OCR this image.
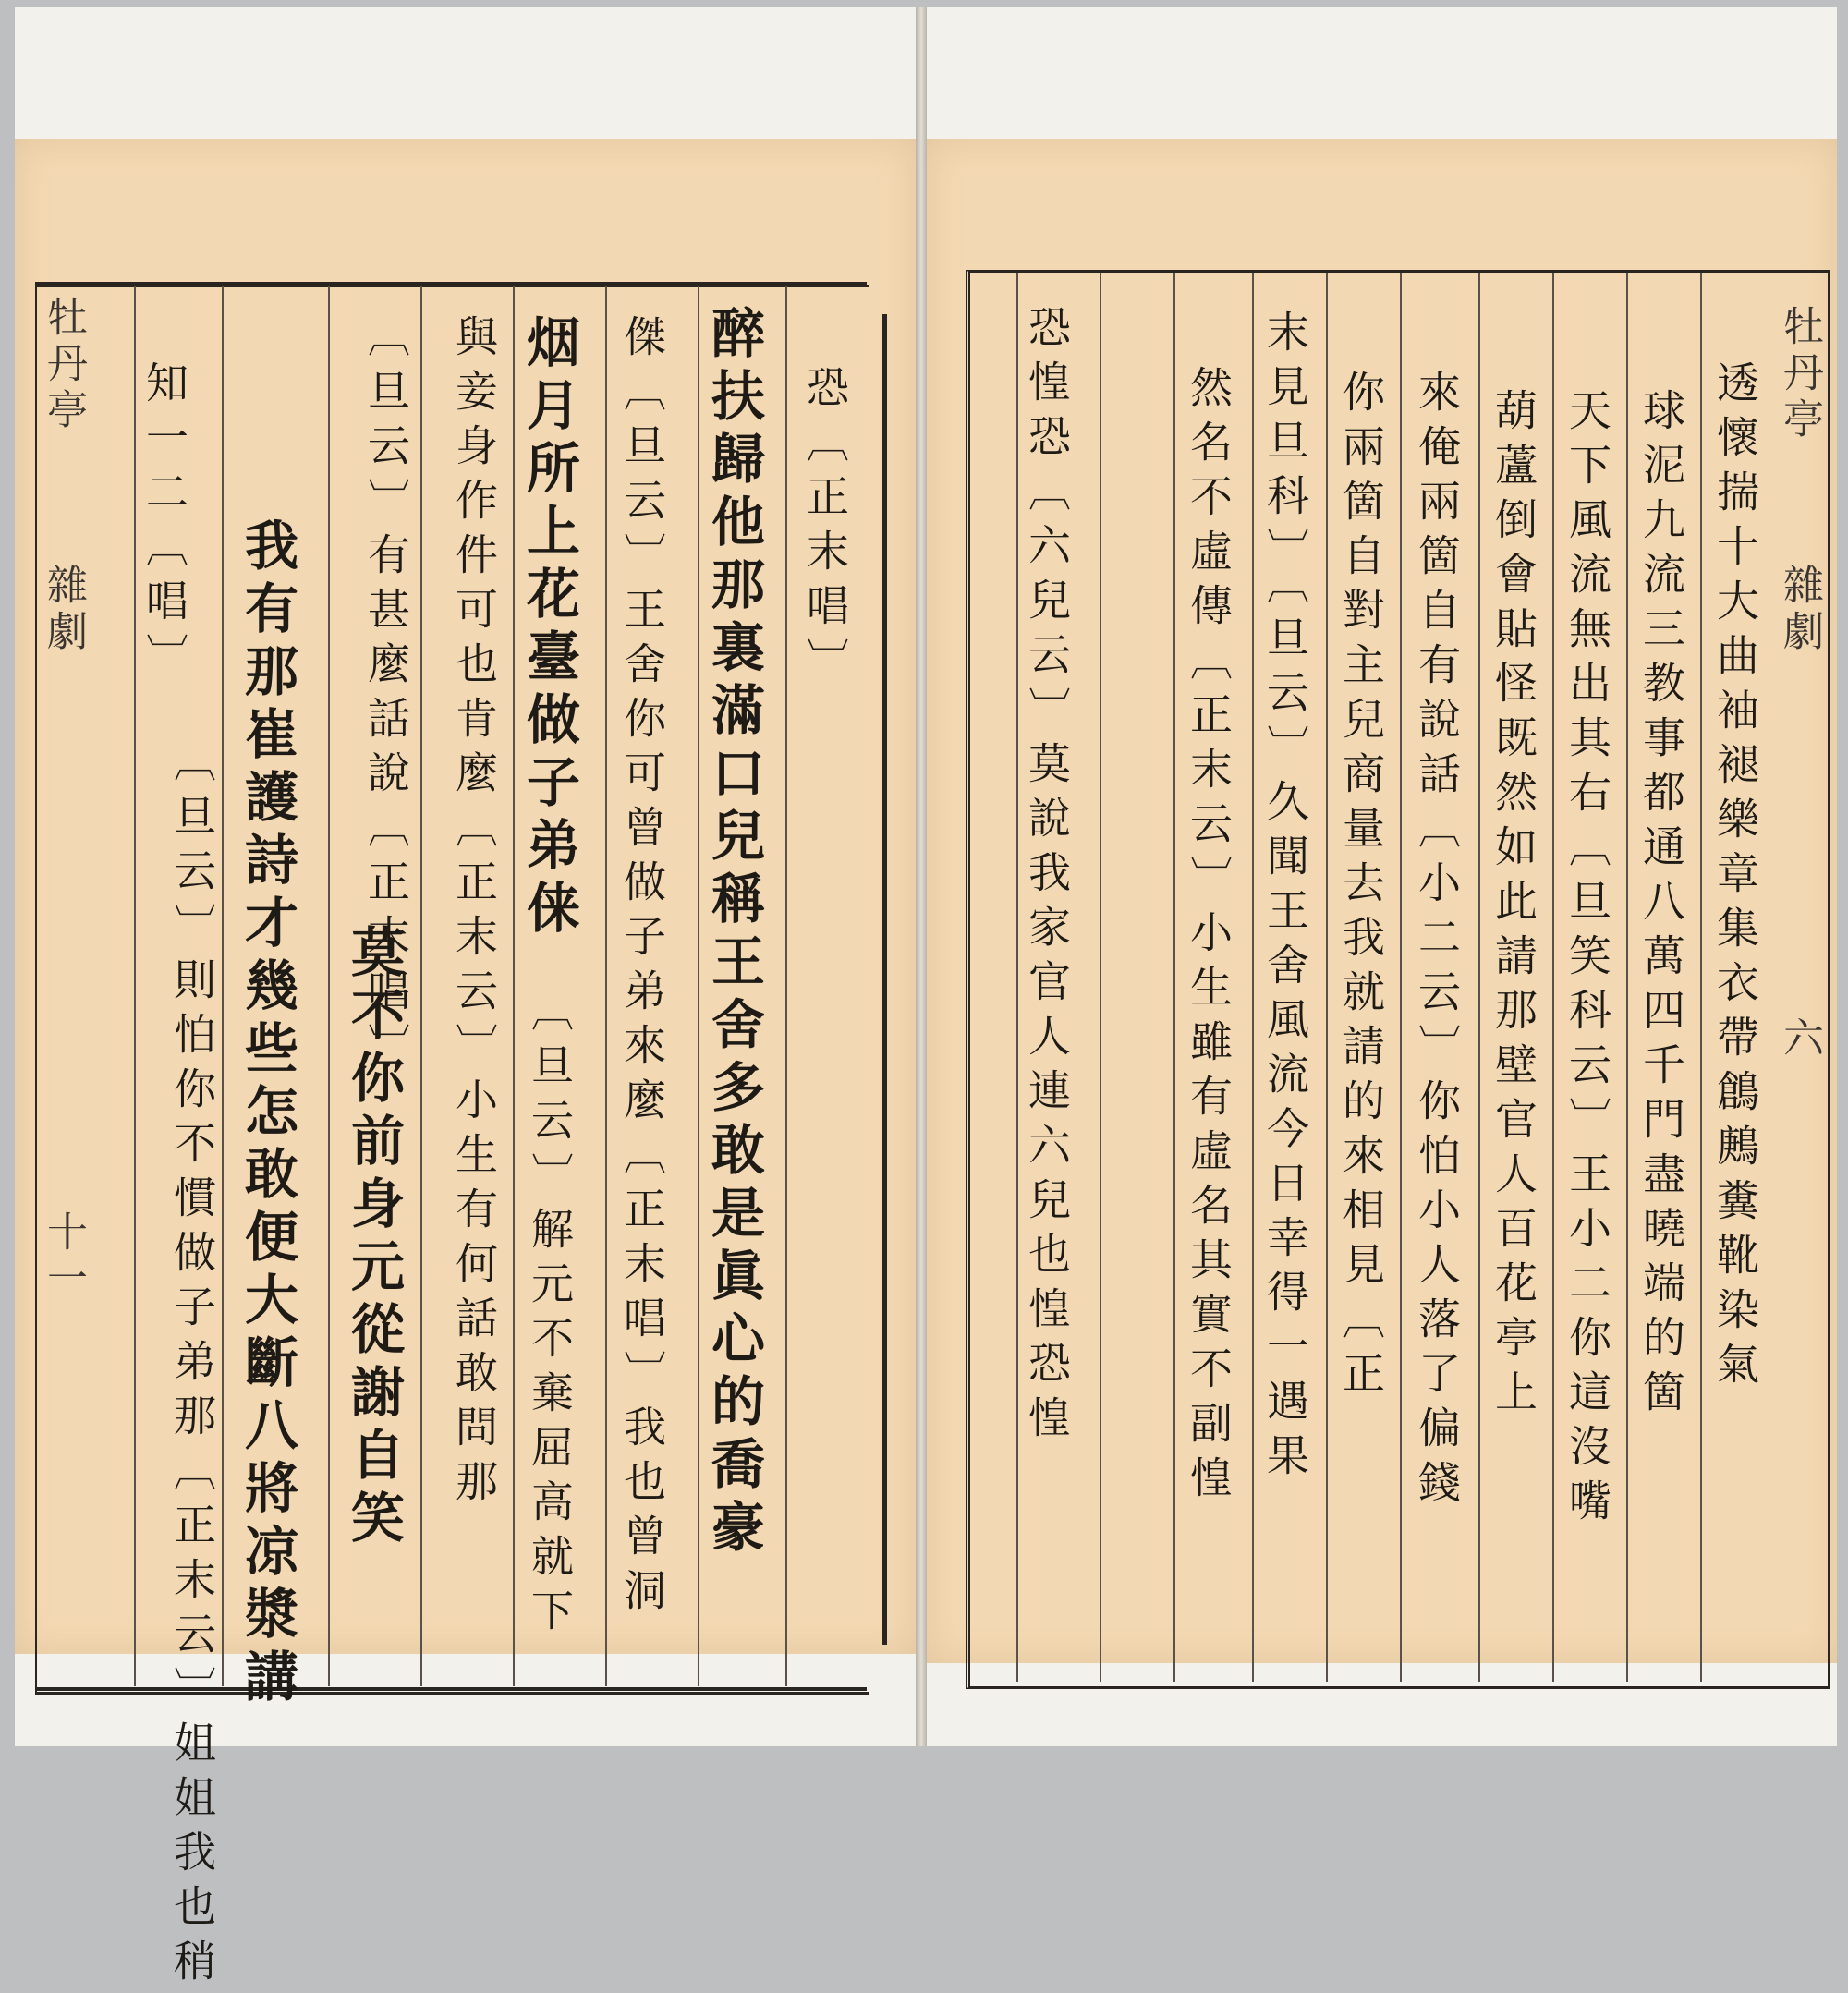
牡丹亭
雜劇
十一
恐〔正末唱〕
醉扶歸他那裏滿口兒稱王舍多敢是眞心的喬豪
傑〔旦云〕王舍你可曾做子弟來麼〔正末唱〕我也曾洞
烟月所上花臺做子弟俫
〔旦云〕解元不棄屈高就下
與妾身作件可也肯麼〔正末云〕小生有何話敢問那
〔旦云〕有甚麼話說〔正末唱〕
莫不你前身元從謝自笑
我有那崔護詩才幾些怎敢便大斷八將凉漿講
〔旦云〕則怕你不慣做子弟那〔正末云〕姐姐我也稍
知一二〔唱〕	牡丹亭
雜劇
六
透懷揣十大曲袖褪樂章集衣帶鶬鶊糞靴染氣
球泥九流三教事都通八萬四千門盡曉端的箇
天下風流無出其右〔旦笑科云〕王小二你這沒嘴
葫蘆倒會貼怪既然如此請那壁官人百花亭上
來俺兩箇自有說話〔小二云〕你怕小人落了偏錢
你兩箇自對主兒商量去我就請的來相見〔正
末見旦科〕〔旦云〕久聞王舍風流今日幸得一遇果
然名不虛傳〔正末云〕小生雖有虛名其實不副惶
恐惶恐〔六兒云〕莫說我家官人連六兒也惶恐惶
